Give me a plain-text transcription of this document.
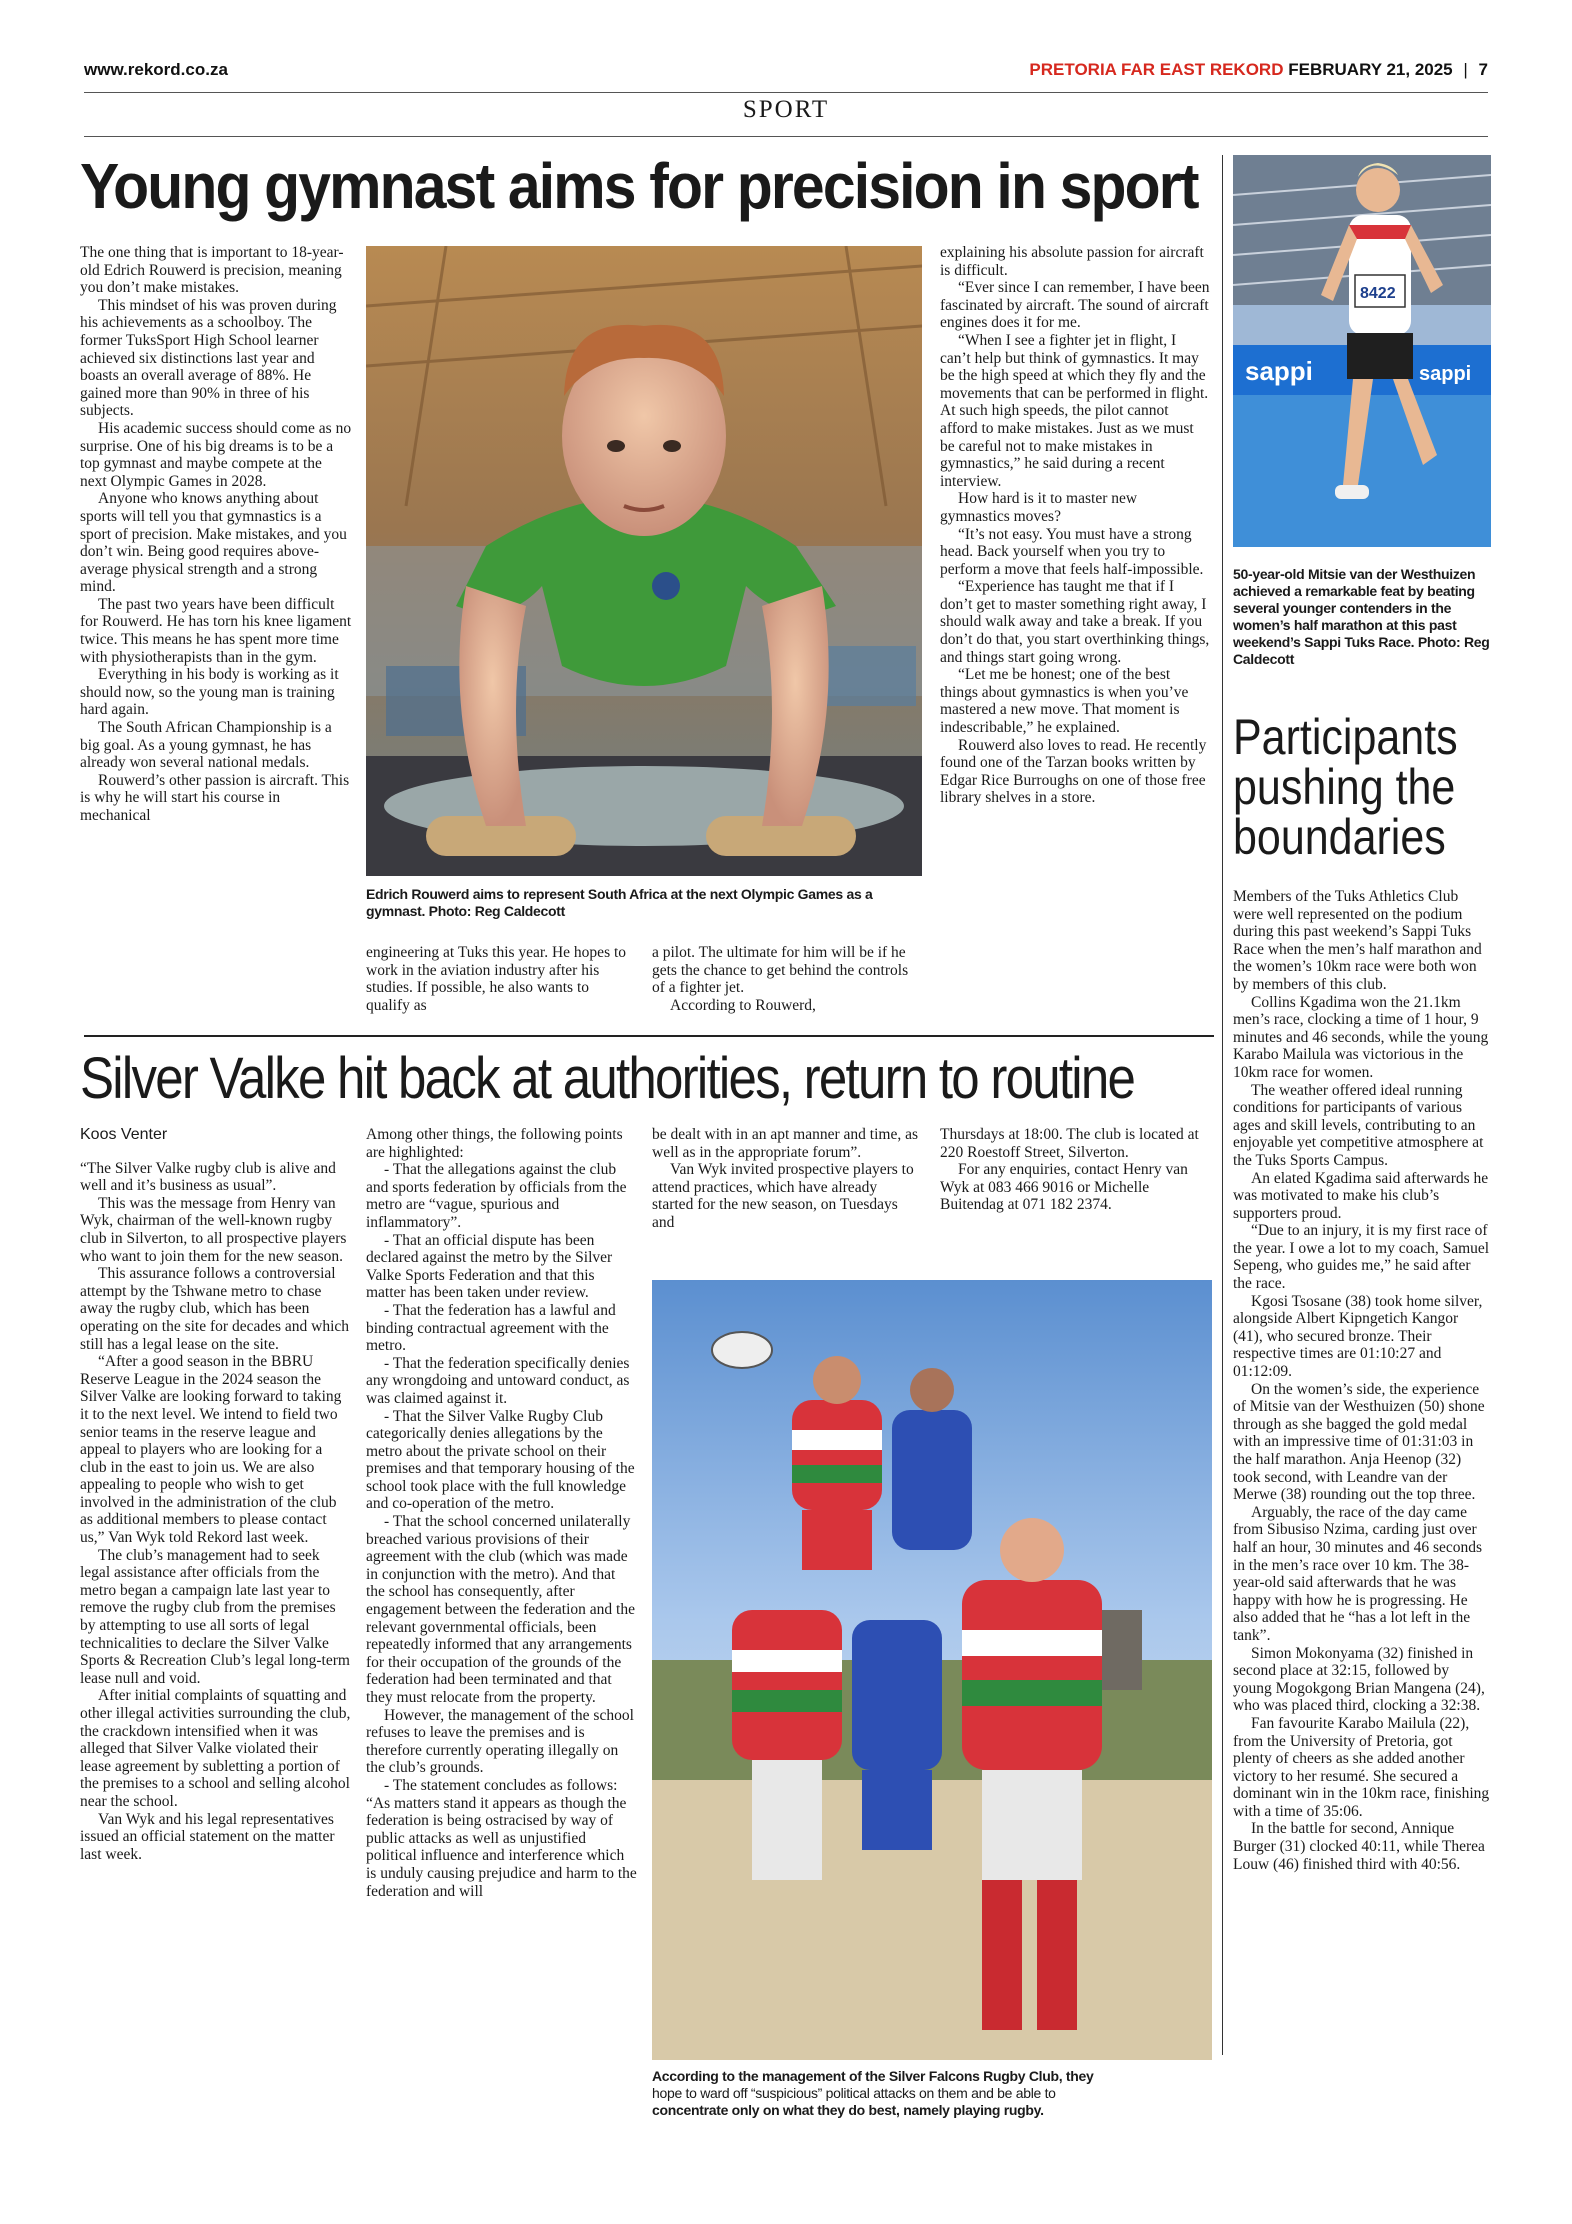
www.rekord.co.za	PRETORIA FAR EAST REKORD FEBRUARY 21, 2025 | 7
SPORT
Young gymnast aims for precision in sport

The one thing that is important to 18-year-old Edrich Rouwerd is precision, meaning you don’t make mistakes.

This mindset of his was proven during his achievements as a schoolboy. The former TuksSport High School learner achieved six distinctions last year and boasts an overall average of 88%. He gained more than 90% in three of his subjects.

His academic success should come as no surprise. One of his big dreams is to be a top gymnast and maybe compete at the next Olympic Games in 2028.

Anyone who knows anything about sports will tell you that gymnastics is a sport of precision. Make mistakes, and you don’t win. Being good requires above-average physical strength and a strong mind.

The past two years have been difficult for Rouwerd. He has torn his knee ligament twice. This means he has spent more time with physiotherapists than in the gym.

Everything in his body is working as it should now, so the young man is training hard again.

The South African Championship is a big goal. As a young gymnast, he has already won several national medals.

Rouwerd’s other passion is aircraft. This is why he will start his course in mechanical

Edrich Rouwerd aims to represent South Africa at the next Olympic Games as a gymnast. Photo: Reg Caldecott

engineering at Tuks this year. He hopes to work in the aviation industry after his studies. If possible, he also wants to qualify as

a pilot. The ultimate for him will be if he gets the chance to get behind the controls of a fighter jet.

According to Rouwerd,

explaining his absolute passion for aircraft is difficult.

“Ever since I can remember, I have been fascinated by aircraft. The sound of aircraft engines does it for me.

“When I see a fighter jet in flight, I can’t help but think of gymnastics. It may be the high speed at which they fly and the movements that can be performed in flight. At such high speeds, the pilot cannot afford to make mistakes. Just as we must be careful not to make mistakes in gymnastics,” he said during a recent interview.

How hard is it to master new gymnastics moves?

“It’s not easy. You must have a strong head. Back yourself when you try to perform a move that feels half-impossible.

“Experience has taught me that if I don’t get to master something right away, I should walk away and take a break. If you don’t do that, you start overthinking things, and things start going wrong.

“Let me be honest; one of the best things about gymnastics is when you’ve mastered a new move. That moment is indescribable,” he explained.

Rouwerd also loves to read. He recently found one of the Tarzan books written by Edgar Rice Burroughs on one of those free library shelves in a store.

Silver Valke hit back at authorities, return to routine
Koos Venter

“The Silver Valke rugby club is alive and well and it’s business as usual”.

This was the message from Henry van Wyk, chairman of the well-known rugby club in Silverton, to all prospective players who want to join them for the new season.

This assurance follows a controversial attempt by the Tshwane metro to chase away the rugby club, which has been operating on the site for decades and which still has a legal lease on the site.

“After a good season in the BBRU Reserve League in the 2024 season the Silver Valke are looking forward to taking it to the next level. We intend to field two senior teams in the reserve league and appeal to players who are looking for a club in the east to join us. We are also appealing to people who wish to get involved in the administration of the club as additional members to please contact us,” Van Wyk told Rekord last week.

The club’s management had to seek legal assistance after officials from the metro began a campaign late last year to remove the rugby club from the premises by attempting to use all sorts of legal technicalities to declare the Silver Valke Sports & Recreation Club’s legal long-term lease null and void.

After initial complaints of squatting and other illegal activities surrounding the club, the crackdown intensified when it was alleged that Silver Valke violated their lease agreement by subletting a portion of the premises to a school and selling alcohol near the school.

Van Wyk and his legal representatives issued an official statement on the matter last week.

Among other things, the following points are highlighted:

- That the allegations against the club and sports federation by officials from the metro are “vague, spurious and inflammatory”.

- That an official dispute has been declared against the metro by the Silver Valke Sports Federation and that this matter has been taken under review.

- That the federation has a lawful and binding contractual agreement with the metro.

- That the federation specifically denies any wrongdoing and untoward conduct, as was claimed against it.

- That the Silver Valke Rugby Club categorically denies allegations by the metro about the private school on their premises and that temporary housing of the school took place with the full knowledge and co-operation of the metro.

- That the school concerned unilaterally breached various provisions of their agreement with the club (which was made in conjunction with the metro). And that the school has consequently, after engagement between the federation and the relevant governmental officials, been repeatedly informed that any arrangements for their occupation of the grounds of the federation had been terminated and that they must relocate from the property.

However, the management of the school refuses to leave the premises and is therefore currently operating illegally on the club’s grounds.

- The statement concludes as follows: “As matters stand it appears as though the federation is being ostracised by way of public attacks as well as unjustified political influence and interference which is unduly causing prejudice and harm to the federation and will

be dealt with in an apt manner and time, as well as in the appropriate forum”.

Van Wyk invited prospective players to attend practices, which have already started for the new season, on Tuesdays and

Thursdays at 18:00. The club is located at 220 Roestoff Street, Silverton.

For any enquiries, contact Henry van Wyk at 083 466 9016 or Michelle Buitendag at 071 182 2374.

According to the management of the Silver Falcons Rugby Club, they
hope to ward off “suspicious” political attacks on them and be able to
concentrate only on what they do best, namely playing rugby.
sappi	sappi
8422
50-year-old Mitsie van der Westhuizen achieved a remarkable feat by beating several younger contenders in the women’s half marathon at this past weekend’s Sappi Tuks Race. Photo: Reg Caldecott
Participants pushing the boundaries

Members of the Tuks Athletics Club were well represented on the podium during this past weekend’s Sappi Tuks Race when the men’s half marathon and the women’s 10km race were both won by members of this club.

Collins Kgadima won the 21.1km men’s race, clocking a time of 1 hour, 9 minutes and 46 seconds, while the young Karabo Mailula was victorious in the 10km race for women.

The weather offered ideal running conditions for participants of various ages and skill levels, contributing to an enjoyable yet competitive atmosphere at the Tuks Sports Campus.

An elated Kgadima said afterwards he was motivated to make his club’s supporters proud.

“Due to an injury, it is my first race of the year. I owe a lot to my coach, Samuel Sepeng, who guides me,” he said after the race.

Kgosi Tsosane (38) took home silver, alongside Albert Kipngetich Kangor (41), who secured bronze. Their respective times are 01:10:27 and 01:12:09.

On the women’s side, the experience of Mitsie van der Westhuizen (50) shone through as she bagged the gold medal with an impressive time of 01:31:03 in the half marathon. Anja Heenop (32) took second, with Leandre van der Merwe (38) rounding out the top three.

Arguably, the race of the day came from Sibusiso Nzima, carding just over half an hour, 30 minutes and 46 seconds in the men’s race over 10 km. The 38-year-old said afterwards that he was happy with how he is progressing. He also added that he “has a lot left in the tank”.

Simon Mokonyama (32) finished in second place at 32:15, followed by young Mogokgong Brian Mangena (24), who was placed third, clocking a 32:38.

Fan favourite Karabo Mailula (22), from the University of Pretoria, got plenty of cheers as she added another victory to her resumé. She secured a dominant win in the 10km race, finishing with a time of 35:06.

In the battle for second, Annique Burger (31) clocked 40:11, while Therea Louw (46) finished third with 40:56.
